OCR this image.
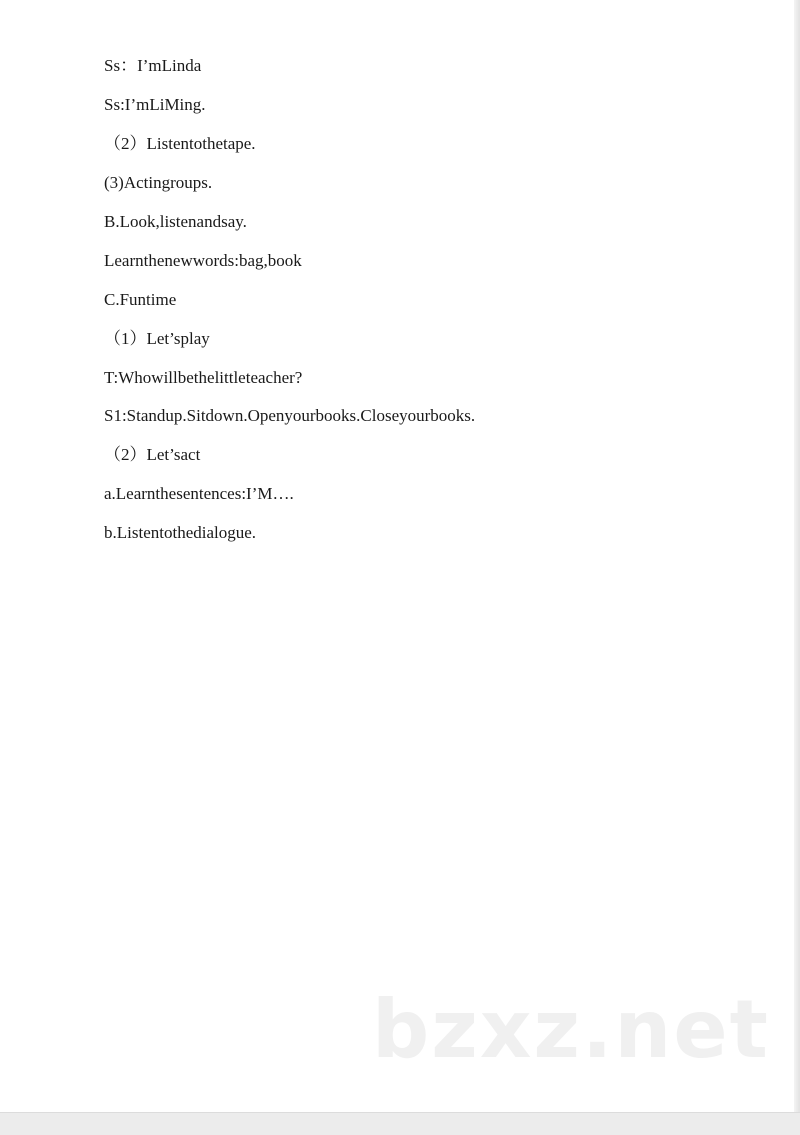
Ss：I’mLinda
Ss:I’mLiMing.
（2）Listentothetape.
(3)Actingroups.
B.Look,listenandsay.
Learnthenewwords:bag,book
C.Funtime
（1）Let’splay
T:Whowillbethelittleteacher?
S1:Standup.Sitdown.Openyourbooks.Closeyourbooks.
（2）Let’sact
a.Learnthesentences:I’M….
b.Listentothedialogue.
bzxz.net
